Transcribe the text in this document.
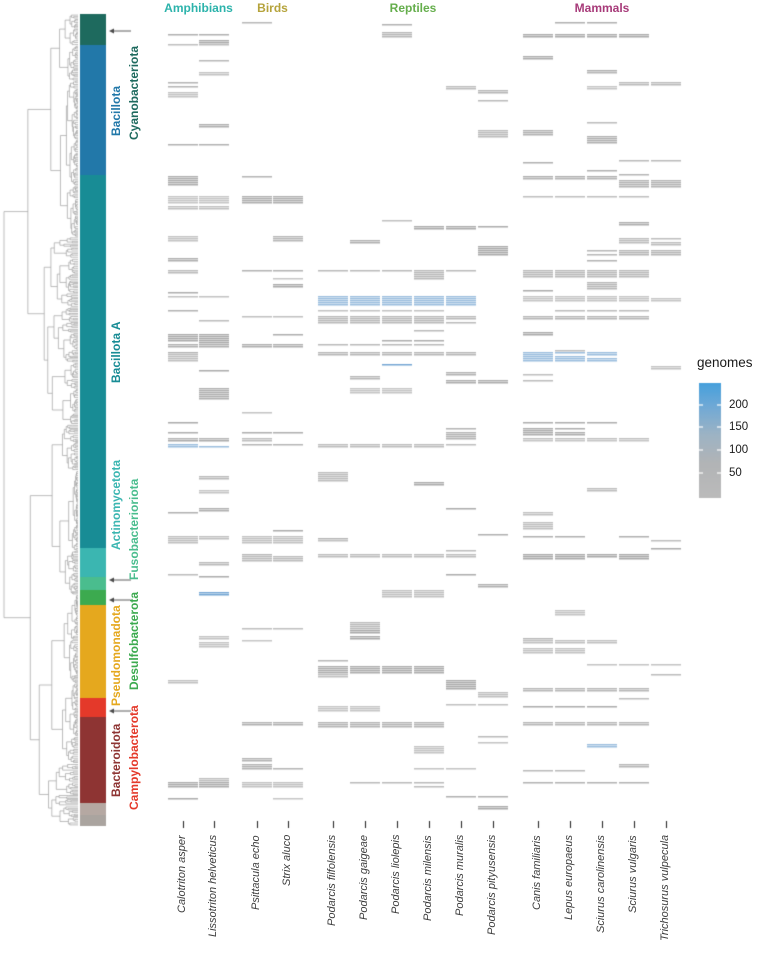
Amphibians Birds	Reptiles	Mammals
Cyanobacteriota
Bacillota
Bacillota A
Actinomycetota Fusobacterioriota
Desulfobacterota
Pseudomonadota
Campylobacterota
Bacteroidota
Calotriton asper Lissotriton helveticus	Psittacula echo Strix aluco	Podarcis filfolensis Podarcis gaigeae Podarcis liolepis Podarcis milensis Podarcis muralis Podarcis pityusensis	Canis familiaris Lepus europaeus Sciurus carolinensis Sciurus vulgaris Trichosurus vulpecula
genomes
200
150
100
50
